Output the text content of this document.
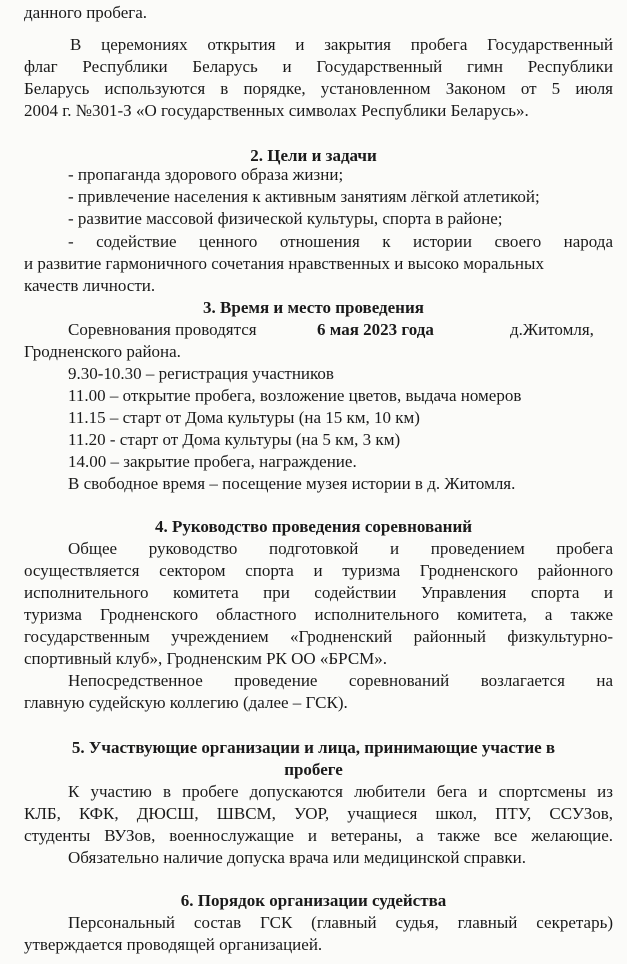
данного пробега.
В церемониях открытия и закрытия пробега Государственный
флаг Республики Беларусь и Государственный гимн Республики
Беларусь используются в порядке, установленном Законом от 5 июля
2004 г. №301-З «О государственных символах Республики Беларусь».
2. Цели и задачи
- пропаганда здорового образа жизни;
- привлечение населения к активным занятиям лёгкой атлетикой;
- развитие массовой физической культуры, спорта в районе;
- содействие ценного отношения к истории своего народа
и развитие гармоничного сочетания нравственных и высоко моральных
качеств личности.
3. Время и место проведения
Соревнования проводятся	6 мая 2023 года	д.Житомля,
Гродненского района.
9.30-10.30 – регистрация участников
11.00 – открытие пробега, возложение цветов, выдача номеров
11.15 – старт от Дома культуры (на 15 км, 10 км)
11.20 - старт от Дома культуры (на 5 км, 3 км)
14.00 – закрытие пробега, награждение.
В свободное время – посещение музея истории в д. Житомля.
4. Руководство проведения соревнований
Общее руководство подготовкой и проведением пробега
осуществляется сектором спорта и туризма Гродненского районного
исполнительного комитета при содействии Управления спорта и
туризма Гродненского областного исполнительного комитета, а также
государственным учреждением «Гродненский районный физкультурно-
спортивный клуб», Гродненским РК ОО «БРСМ».
Непосредственное проведение соревнований возлагается на
главную судейскую коллегию (далее – ГСК).
5. Участвующие организации и лица, принимающие участие в
пробеге
К участию в пробеге допускаются любители бега и спортсмены из
КЛБ, КФК, ДЮСШ, ШВСМ, УОР, учащиеся школ, ПТУ, ССУЗов,
студенты ВУЗов, военнослужащие и ветераны, а также все желающие.
Обязательно наличие допуска врача или медицинской справки.
6. Порядок организации судейства
Персональный состав ГСК (главный судья, главный секретарь)
утверждается проводящей организацией.
